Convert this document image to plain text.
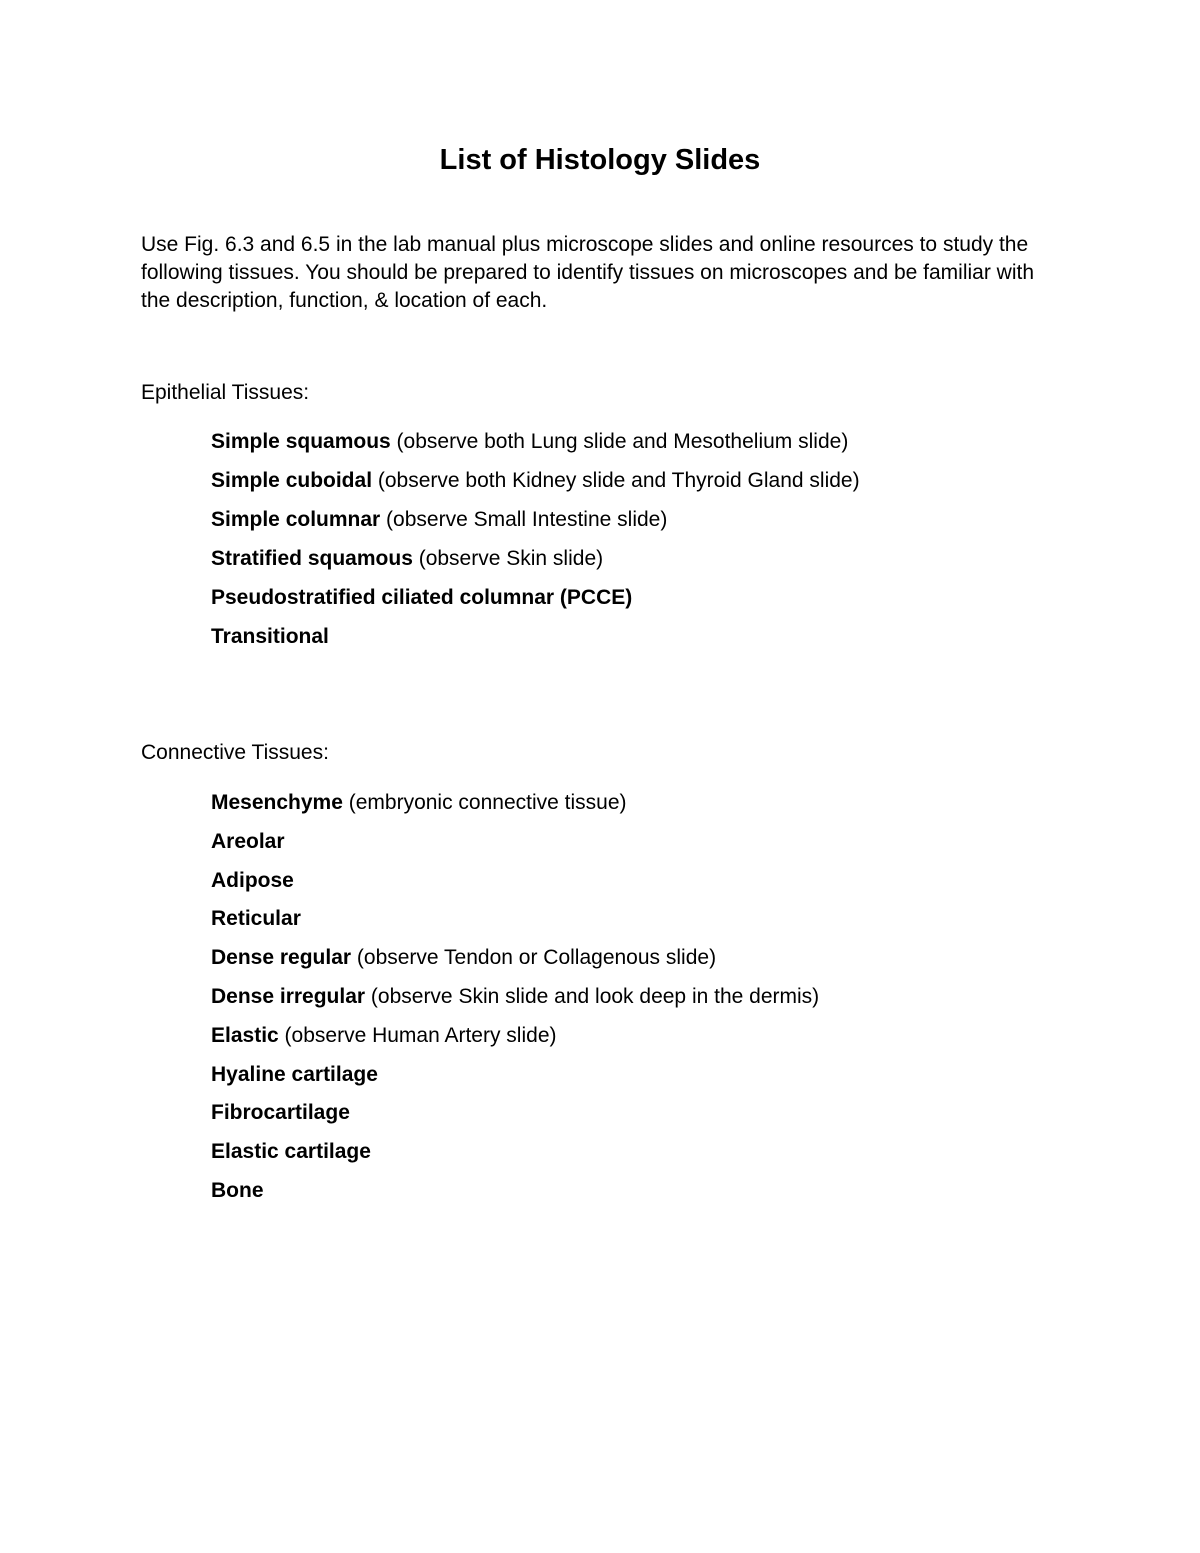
List of Histology Slides

Use Fig. 6.3 and 6.5 in the lab manual plus microscope slides and online resources to study the following tissues. You should be prepared to identify tissues on microscopes and be familiar with the description, function, & location of each.

Epithelial Tissues:
Simple squamous (observe both Lung slide and Mesothelium slide)
Simple cuboidal (observe both Kidney slide and Thyroid Gland slide)
Simple columnar (observe Small Intestine slide)
Stratified squamous (observe Skin slide)
Pseudostratified ciliated columnar (PCCE)
Transitional
Connective Tissues:
Mesenchyme (embryonic connective tissue)
Areolar
Adipose
Reticular
Dense regular (observe Tendon or Collagenous slide)
Dense irregular (observe Skin slide and look deep in the dermis)
Elastic (observe Human Artery slide)
Hyaline cartilage
Fibrocartilage
Elastic cartilage
Bone
